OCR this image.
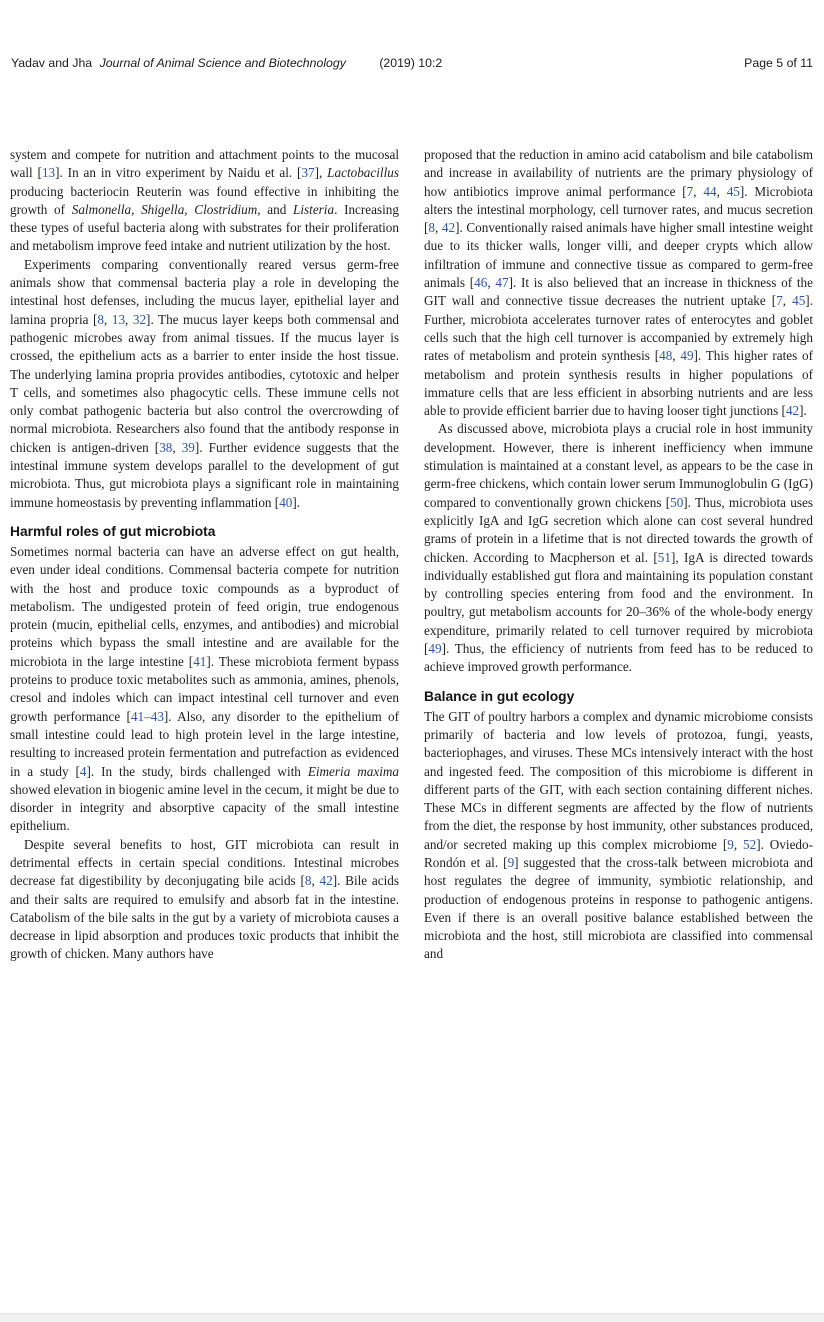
Yadav and Jha Journal of Animal Science and Biotechnology	(2019) 10:2	Page 5 of 11

system and compete for nutrition and attachment points to the mucosal wall [13]. In an in vitro experiment by Naidu et al. [37], Lactobacillus producing bacteriocin Reuterin was found effective in inhibiting the growth of Salmonella, Shigella, Clostridium, and Listeria. Increasing these types of useful bacteria along with substrates for their proliferation and metabolism improve feed intake and nutrient utilization by the host.

Experiments comparing conventionally reared versus germ-free animals show that commensal bacteria play a role in developing the intestinal host defenses, including the mucus layer, epithelial layer and lamina propria [8, 13, 32]. The mucus layer keeps both commensal and pathogenic microbes away from animal tissues. If the mucus layer is crossed, the epithelium acts as a barrier to enter inside the host tissue. The underlying lamina propria provides antibodies, cytotoxic and helper T cells, and sometimes also phagocytic cells. These immune cells not only combat pathogenic bacteria but also control the overcrowding of normal microbiota. Researchers also found that the antibody response in chicken is antigen-driven [38, 39]. Further evidence suggests that the intestinal immune system develops parallel to the development of gut microbiota. Thus, gut microbiota plays a significant role in maintaining immune homeostasis by preventing inflammation [40].

Harmful roles of gut microbiota

Sometimes normal bacteria can have an adverse effect on gut health, even under ideal conditions. Commensal bacteria compete for nutrition with the host and produce toxic compounds as a byproduct of metabolism. The undigested protein of feed origin, true endogenous protein (mucin, epithelial cells, enzymes, and antibodies) and microbial proteins which bypass the small intestine and are available for the microbiota in the large intestine [41]. These microbiota ferment bypass proteins to produce toxic metabolites such as ammonia, amines, phenols, cresol and indoles which can impact intestinal cell turnover and even growth performance [41–43]. Also, any disorder to the epithelium of small intestine could lead to high protein level in the large intestine, resulting to increased protein fermentation and putrefaction as evidenced in a study [4]. In the study, birds challenged with Eimeria maxima showed elevation in biogenic amine level in the cecum, it might be due to disorder in integrity and absorptive capacity of the small intestine epithelium.

Despite several benefits to host, GIT microbiota can result in detrimental effects in certain special conditions. Intestinal microbes decrease fat digestibility by deconjugating bile acids [8, 42]. Bile acids and their salts are required to emulsify and absorb fat in the intestine. Catabolism of the bile salts in the gut by a variety of microbiota causes a decrease in lipid absorption and produces toxic products that inhibit the growth of chicken. Many authors have

proposed that the reduction in amino acid catabolism and bile catabolism and increase in availability of nutrients are the primary physiology of how antibiotics improve animal performance [7, 44, 45]. Microbiota alters the intestinal morphology, cell turnover rates, and mucus secretion [8, 42]. Conventionally raised animals have higher small intestine weight due to its thicker walls, longer villi, and deeper crypts which allow infiltration of immune and connective tissue as compared to germ-free animals [46, 47]. It is also believed that an increase in thickness of the GIT wall and connective tissue decreases the nutrient uptake [7, 45]. Further, microbiota accelerates turnover rates of enterocytes and goblet cells such that the high cell turnover is accompanied by extremely high rates of metabolism and protein synthesis [48, 49]. This higher rates of metabolism and protein synthesis results in higher populations of immature cells that are less efficient in absorbing nutrients and are less able to provide efficient barrier due to having looser tight junctions [42].

As discussed above, microbiota plays a crucial role in host immunity development. However, there is inherent inefficiency when immune stimulation is maintained at a constant level, as appears to be the case in germ-free chickens, which contain lower serum Immunoglobulin G (IgG) compared to conventionally grown chickens [50]. Thus, microbiota uses explicitly IgA and IgG secretion which alone can cost several hundred grams of protein in a lifetime that is not directed towards the growth of chicken. According to Macpherson et al. [51], IgA is directed towards individually established gut flora and maintaining its population constant by controlling species entering from food and the environment. In poultry, gut metabolism accounts for 20–36% of the whole-body energy expenditure, primarily related to cell turnover required by microbiota [49]. Thus, the efficiency of nutrients from feed has to be reduced to achieve improved growth performance.

Balance in gut ecology

The GIT of poultry harbors a complex and dynamic microbiome consists primarily of bacteria and low levels of protozoa, fungi, yeasts, bacteriophages, and viruses. These MCs intensively interact with the host and ingested feed. The composition of this microbiome is different in different parts of the GIT, with each section containing different niches. These MCs in different segments are affected by the flow of nutrients from the diet, the response by host immunity, other substances produced, and/or secreted making up this complex microbiome [9, 52]. Oviedo-Rondón et al. [9] suggested that the cross-talk between microbiota and host regulates the degree of immunity, symbiotic relationship, and production of endogenous proteins in response to pathogenic antigens. Even if there is an overall positive balance established between the microbiota and the host, still microbiota are classified into commensal and
